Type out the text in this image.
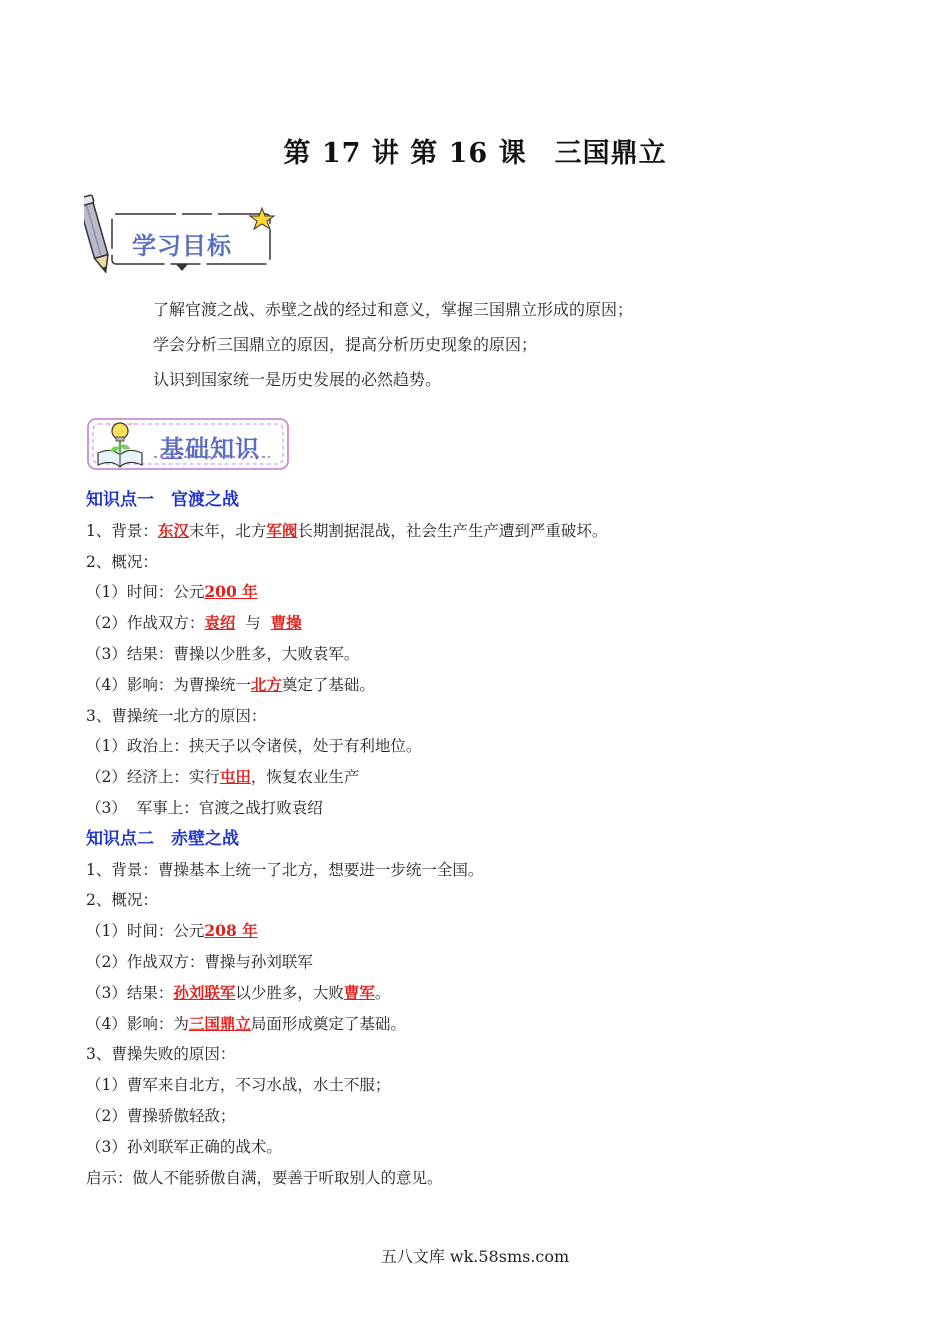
第 17 讲 第 16 课　三国鼎立
学习目标
了解官渡之战、赤壁之战的经过和意义，掌握三国鼎立形成的原因；
学会分析三国鼎立的原因，提高分析历史现象的原因；
认识到国家统一是历史发展的必然趋势。
基础知识
知识点一　官渡之战
1、背景：东汉末年，北方军阀长期割据混战，社会生产生产遭到严重破坏。
2、概况：
（1）时间：公元200 年
（2）作战双方：袁绍  与  曹操
（3）结果：曹操以少胜多，大败袁军。
（4）影响：为曹操统一北方奠定了基础。
3、曹操统一北方的原因：
（1）政治上：挟天子以令诸侯，处于有利地位。
（2）经济上：实行屯田，恢复农业生产
（3）  军事上：官渡之战打败袁绍
知识点二　赤壁之战
1、背景：曹操基本上统一了北方，想要进一步统一全国。
2、概况：
（1）时间：公元208 年
（2）作战双方：曹操与孙刘联军
（3）结果：孙刘联军以少胜多，大败曹军。
（4）影响：为三国鼎立局面形成奠定了基础。
3、曹操失败的原因：
（1）曹军来自北方，不习水战，水土不服；
（2）曹操骄傲轻敌；
（3）孙刘联军正确的战术。
启示：做人不能骄傲自满，要善于听取别人的意见。
五八文库 wk.58sms.com
